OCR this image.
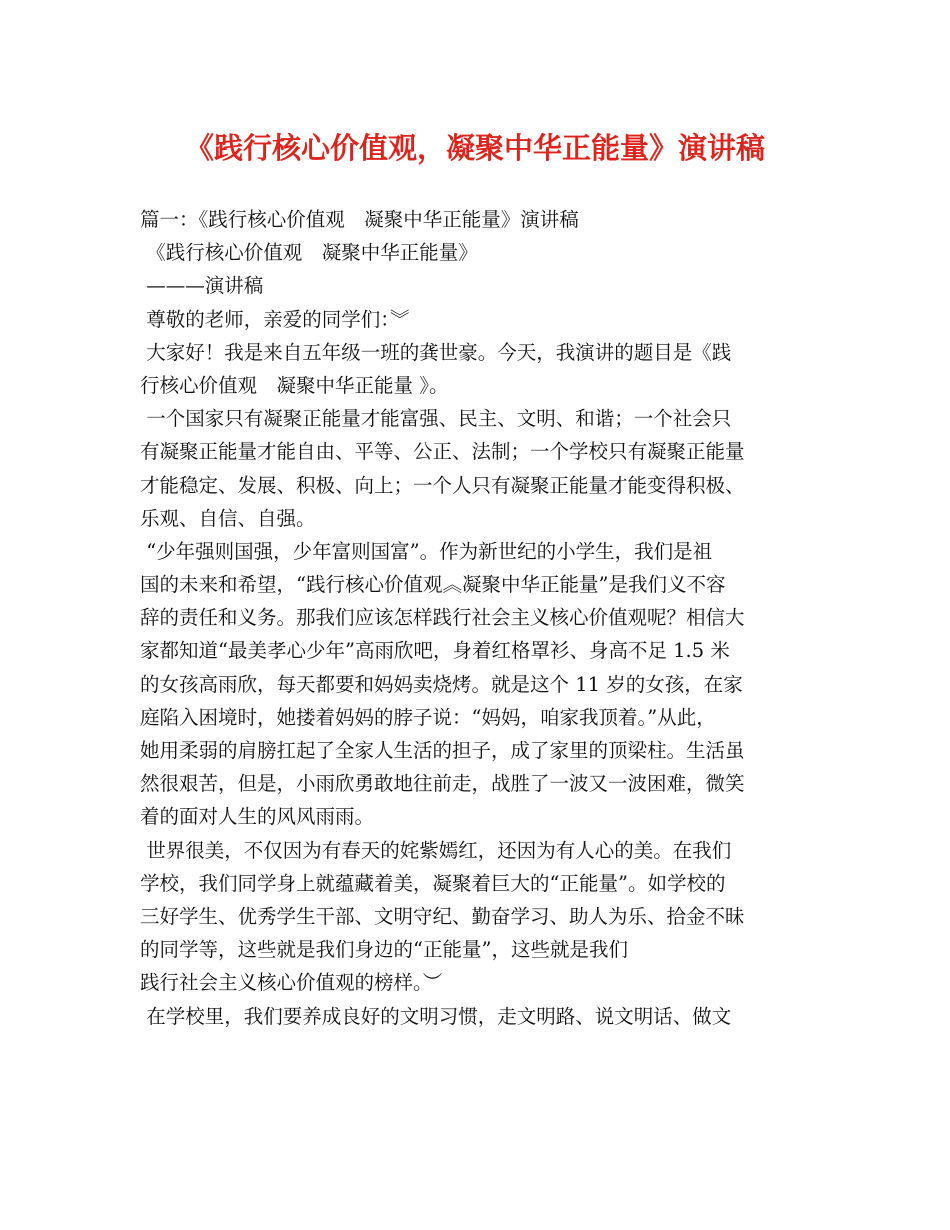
《践行核心价值观，凝聚中华正能量》演讲稿
篇一：《践行核心价值观　凝聚中华正能量》演讲稿
《践行核心价值观　凝聚中华正能量》
———演讲稿
尊敬的老师，亲爱的同学们：︾
大家好！我是来自五年级一班的龚世豪。今天，我演讲的题目是《践
行核心价值观　凝聚中华正能量 》。
一个国家只有凝聚正能量才能富强、民主、文明、和谐；一个社会只
有凝聚正能量才能自由、平等、公正、法制；一个学校只有凝聚正能量
才能稳定、发展、积极、向上；一个人只有凝聚正能量才能变得积极、
乐观、自信、自强。
“少年强则国强，少年富则国富”。作为新世纪的小学生，我们是祖
国的未来和希望，“践行核心价值观︽凝聚中华正能量”是我们义不容
辞的责任和义务。那我们应该怎样践行社会主义核心价值观呢？相信大
家都知道“最美孝心少年”高雨欣吧，身着红格罩衫、身高不足 1.5 米
的女孩高雨欣，每天都要和妈妈卖烧烤。就是这个 11 岁的女孩，在家
庭陷入困境时，她搂着妈妈的脖子说：“妈妈，咱家我顶着。”从此，
她用柔弱的肩膀扛起了全家人生活的担子，成了家里的顶梁柱。生活虽
然很艰苦，但是，小雨欣勇敢地往前走，战胜了一波又一波困难，微笑
着的面对人生的风风雨雨。
世界很美，不仅因为有春天的姹紫嫣红，还因为有人心的美。在我们
学校，我们同学身上就蕴藏着美，凝聚着巨大的“正能量”。如学校的
三好学生、优秀学生干部、文明守纪、勤奋学习、助人为乐、拾金不昧
的同学等，这些就是我们身边的“正能量”，这些就是我们
践行社会主义核心价值观的榜样。︶
在学校里，我们要养成良好的文明习惯，走文明路、说文明话、做文
